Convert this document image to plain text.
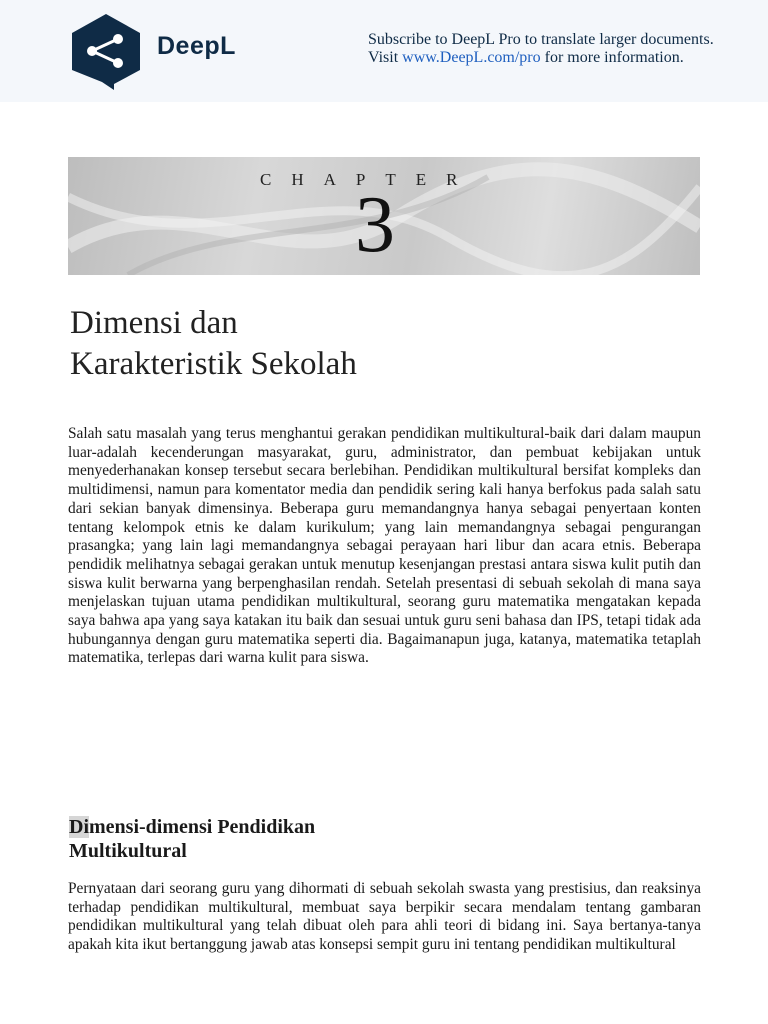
DeepL	Subscribe to DeepL Pro to translate larger documents.
Visit www.DeepL.com/pro for more information.
CHAPTER
3
Dimensi dan
Karakteristik Sekolah
Salah satu masalah yang terus menghantui gerakan pendidikan multikultural-baik dari dalam maupun luar-adalah kecenderungan masyarakat, guru, administrator, dan pembuat kebijakan untuk menyederhanakan konsep tersebut secara berlebihan. Pendidikan multikultural bersifat kompleks dan multidimensi, namun para komentator media dan pendidik sering kali hanya berfokus pada salah satu dari sekian banyak dimensinya. Beberapa guru memandangnya hanya sebagai penyertaan konten tentang kelompok etnis ke dalam kurikulum; yang lain memandangnya sebagai pengurangan prasangka; yang lain lagi memandangnya sebagai perayaan hari libur dan acara etnis. Beberapa pendidik melihatnya sebagai gerakan untuk menutup kesenjangan prestasi antara siswa kulit putih dan siswa kulit berwarna yang berpenghasilan rendah. Setelah presentasi di sebuah sekolah di mana saya menjelaskan tujuan utama pendidikan multikultural, seorang guru matematika mengatakan kepada saya bahwa apa yang saya katakan itu baik dan sesuai untuk guru seni bahasa dan IPS, tetapi tidak ada hubungannya dengan guru matematika seperti dia. Bagaimanapun juga, katanya, matematika tetaplah matematika, terlepas dari warna kulit para siswa.
Dimensi-dimensi Pendidikan
Multikultural
Pernyataan dari seorang guru yang dihormati di sebuah sekolah swasta yang prestisius, dan reaksinya terhadap pendidikan multikultural, membuat saya berpikir secara mendalam tentang gambaran pendidikan multikultural yang telah dibuat oleh para ahli teori di bidang ini. Saya bertanya-tanya apakah kita ikut bertanggung jawab atas konsepsi sempit guru ini tentang pendidikan multikultural
